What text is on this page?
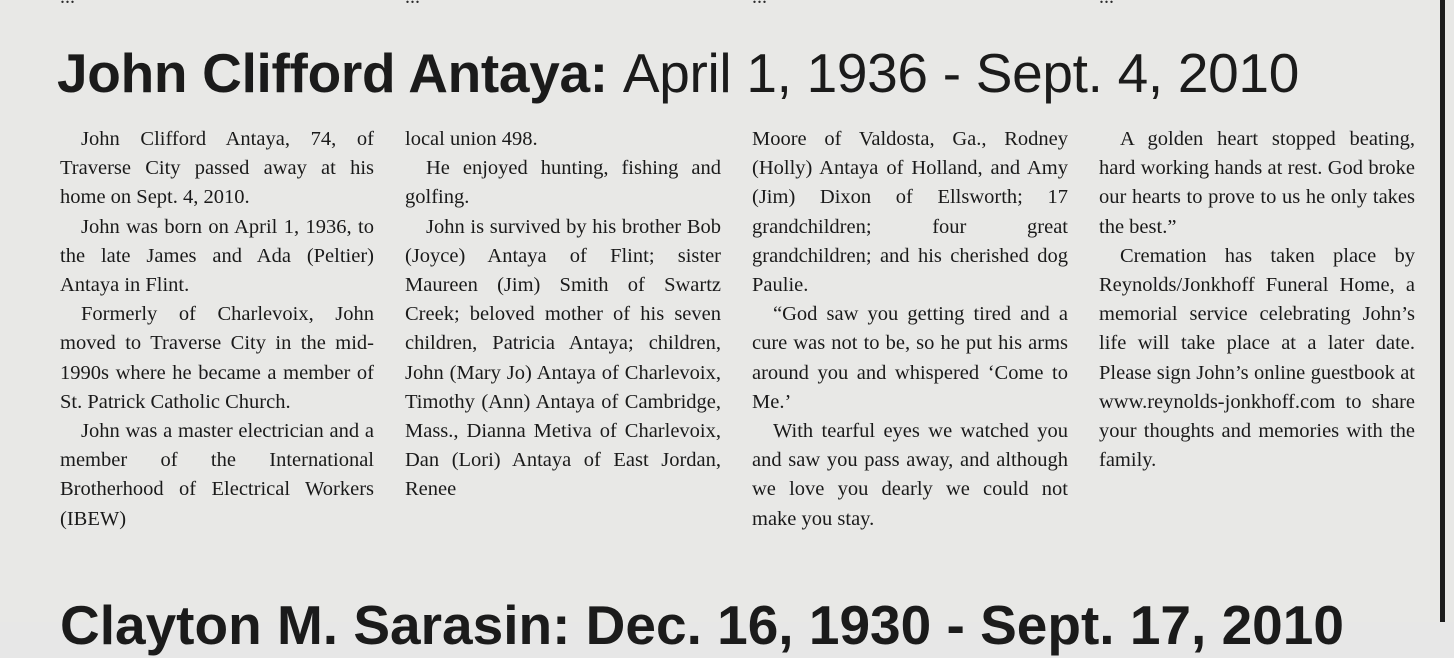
John Clifford Antaya: April 1, 1936 - Sept. 4, 2010

John Clifford Antaya, 74, of Traverse City passed away at his home on Sept. 4, 2010.

John was born on April 1, 1936, to the late James and Ada (Peltier) Antaya in Flint.

Formerly of Charlevoix, John moved to Traverse City in the mid-1990s where he became a member of St. Patrick Catholic Church.

John was a master electrician and a member of the International Brotherhood of Electrical Workers (IBEW)

local union 498.

He enjoyed hunting, fishing and golfing.

John is survived by his brother Bob (Joyce) Antaya of Flint; sister Maureen (Jim) Smith of Swartz Creek; beloved mother of his seven children, Patricia Antaya; children, John (Mary Jo) Antaya of Charlevoix, Timothy (Ann) Antaya of Cambridge, Mass., Dianna Metiva of Charlevoix, Dan (Lori) Antaya of East Jordan, Renee

Moore of Valdosta, Ga., Rodney (Holly) Antaya of Holland, and Amy (Jim) Dixon of Ellsworth; 17 grandchildren; four great grandchildren; and his cherished dog Paulie.

“God saw you getting tired and a cure was not to be, so he put his arms around you and whispered ‘Come to Me.’

With tearful eyes we watched you and saw you pass away, and although we love you dearly we could not make you stay.

A golden heart stopped beating, hard working hands at rest. God broke our hearts to prove to us he only takes the best.”

Cremation has taken place by Reynolds/Jonkhoff Funeral Home, a memorial service celebrating John’s life will take place at a later date. Please sign John’s online guestbook at www.reynolds-jonkhoff.com to share your thoughts and memories with the family.

Clayton M. Sarasin: Dec. 16, 1930 - Sept. 17, 2010
